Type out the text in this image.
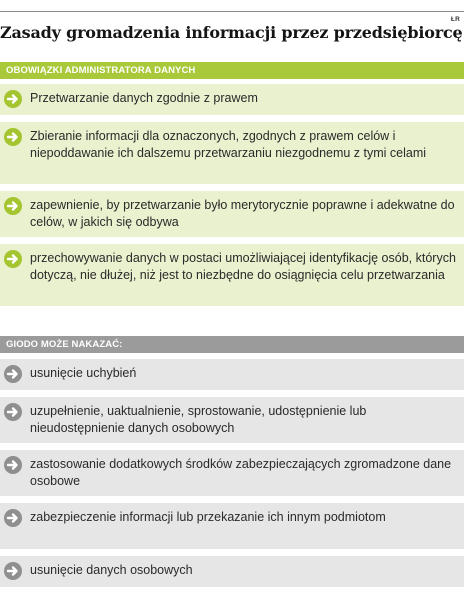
ŁR
Zasady gromadzenia informacji przez przedsiębiorcę
OBOWIĄZKI ADMINISTRATORA DANYCH
Przetwarzanie danych zgodnie z prawem
Zbieranie informacji dla oznaczonych, zgodnych z prawem celów i niepoddawanie ich dalszemu przetwarzaniu niezgodnemu z tymi celami
zapewnienie, by przetwarzanie było merytorycznie poprawne i adekwatne do celów, w jakich się odbywa
przechowywanie danych w postaci umożliwiającej identyfikację osób, których dotyczą, nie dłużej, niż jest to niezbędne do osiągnięcia celu przetwarzania
GIODO MOŻE NAKAZAĆ:
usunięcie uchybień
uzupełnienie, uaktualnienie, sprostowanie, udostępnienie lub nieudostępnienie danych osobowych
zastosowanie dodatkowych środków zabezpieczających zgromadzone dane osobowe
zabezpieczenie informacji lub przekazanie ich innym podmiotom
usunięcie danych osobowych
